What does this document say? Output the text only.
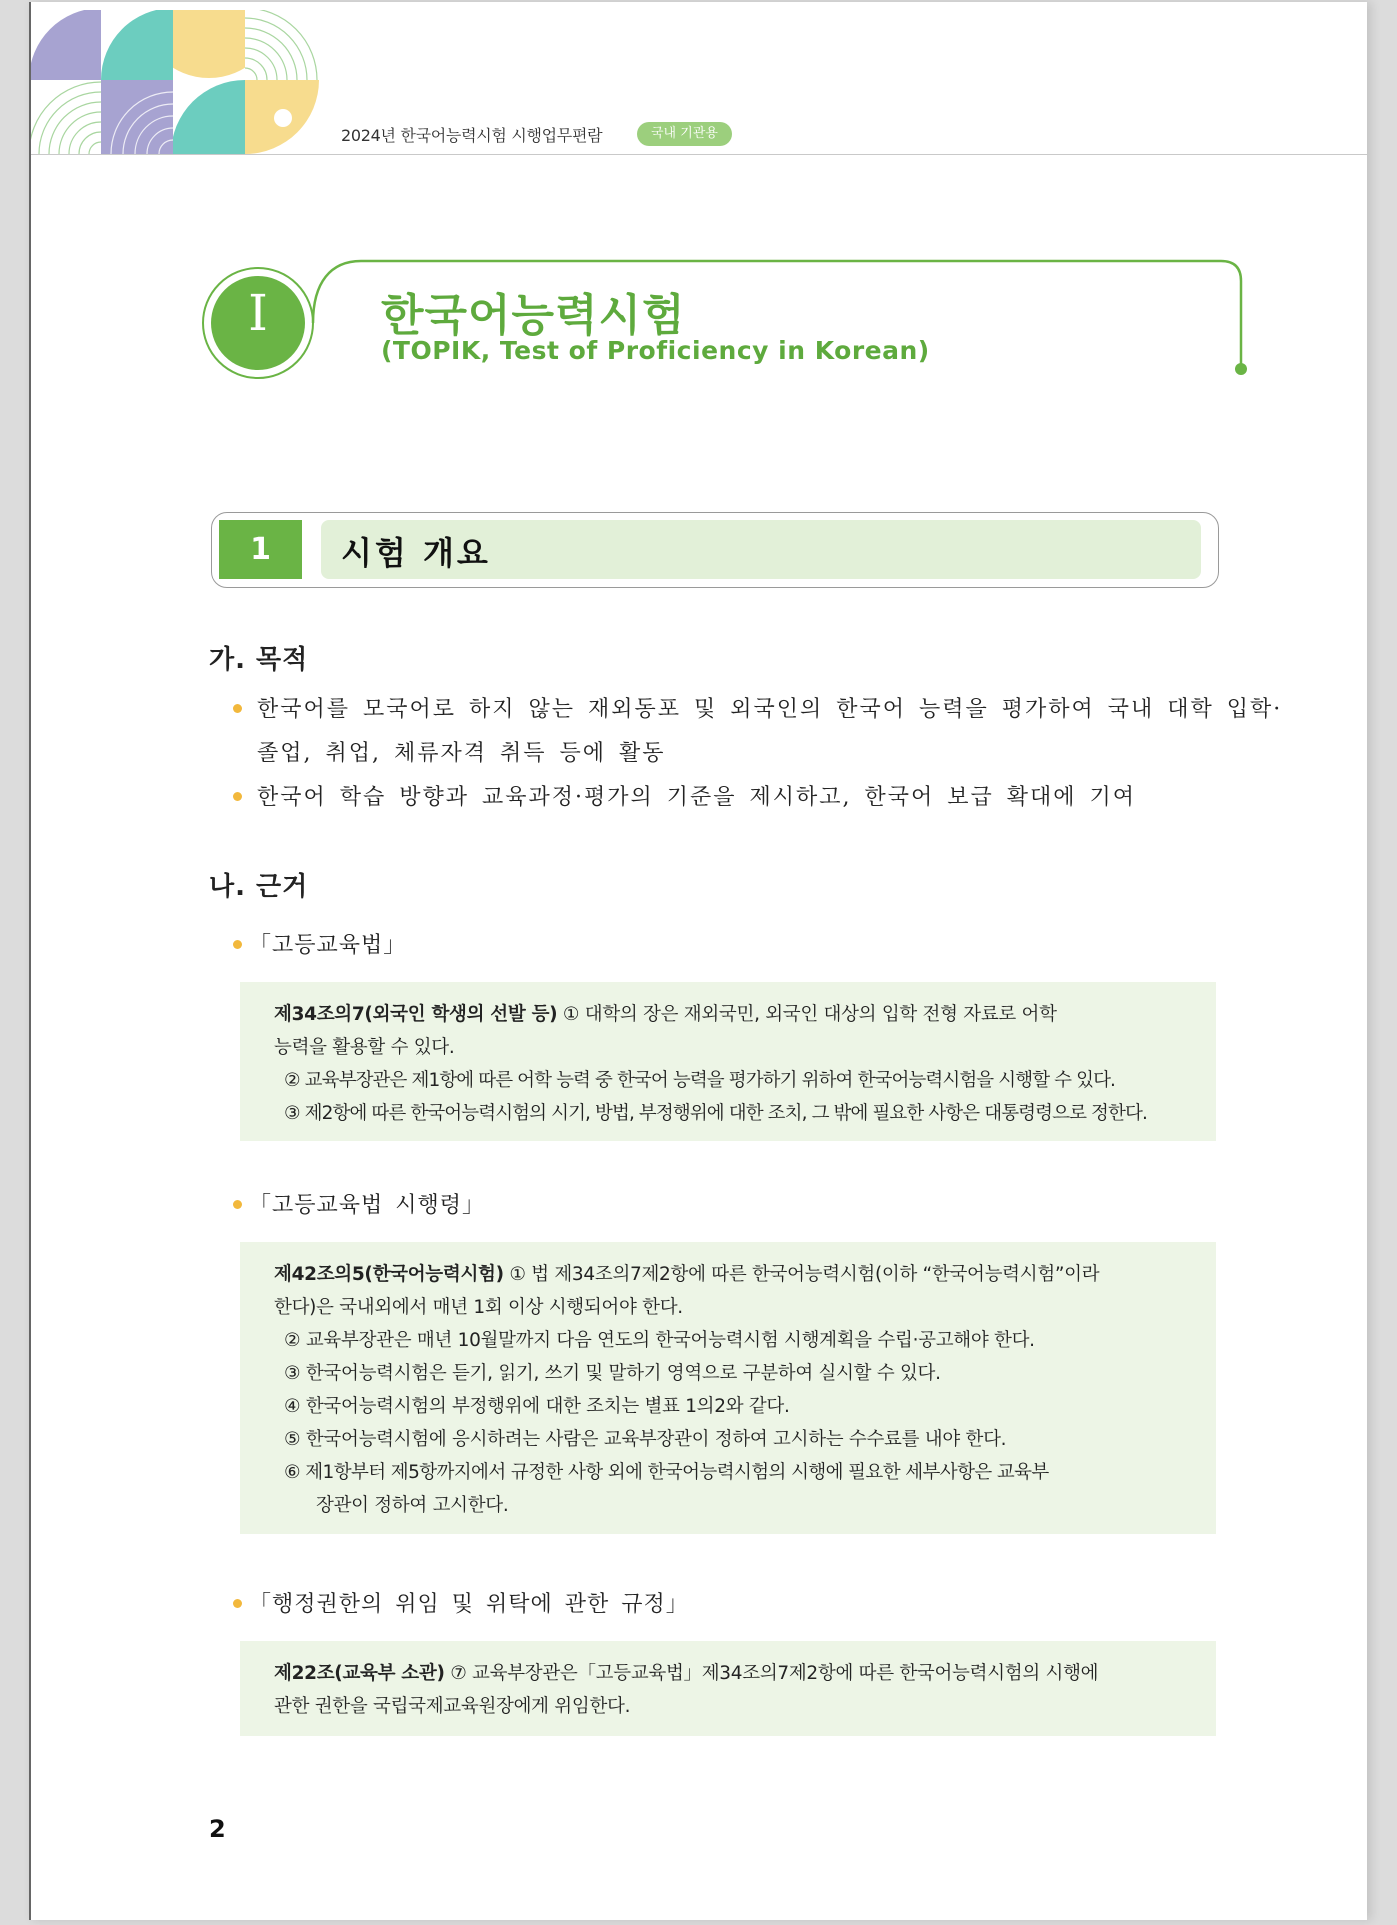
2024년 한국어능력시험 시행업무편람	국내 기관용
I	한국어능력시험
(TOPIK, Test of Proficiency in Korean)
1	시험 개요
가. 목적
한국어를 모국어로 하지 않는 재외동포 및 외국인의 한국어 능력을 평가하여 국내 대학 입학·
졸업, 취업, 체류자격 취득 등에 활동
한국어 학습 방향과 교육과정·평가의 기준을 제시하고, 한국어 보급 확대에 기여
나. 근거
「고등교육법」
제34조의7(외국인 학생의 선발 등) ① 대학의 장은 재외국민, 외국인 대상의 입학 전형 자료로 어학
능력을 활용할 수 있다.
② 교육부장관은 제1항에 따른 어학 능력 중 한국어 능력을 평가하기 위하여 한국어능력시험을 시행할 수 있다.
③ 제2항에 따른 한국어능력시험의 시기, 방법, 부정행위에 대한 조치, 그 밖에 필요한 사항은 대통령령으로 정한다.
「고등교육법 시행령」
제42조의5(한국어능력시험) ① 법 제34조의7제2항에 따른 한국어능력시험(이하 “한국어능력시험”이라
한다)은 국내외에서 매년 1회 이상 시행되어야 한다.
② 교육부장관은 매년 10월말까지 다음 연도의 한국어능력시험 시행계획을 수립·공고해야 한다.
③ 한국어능력시험은 듣기, 읽기, 쓰기 및 말하기 영역으로 구분하여 실시할 수 있다.
④ 한국어능력시험의 부정행위에 대한 조치는 별표 1의2와 같다.
⑤ 한국어능력시험에 응시하려는 사람은 교육부장관이 정하여 고시하는 수수료를 내야 한다.
⑥ 제1항부터 제5항까지에서 규정한 사항 외에 한국어능력시험의 시행에 필요한 세부사항은 교육부
장관이 정하여 고시한다.
「행정권한의 위임 및 위탁에 관한 규정」
제22조(교육부 소관) ⑦ 교육부장관은「고등교육법」제34조의7제2항에 따른 한국어능력시험의 시행에
관한 권한을 국립국제교육원장에게 위임한다.
2
